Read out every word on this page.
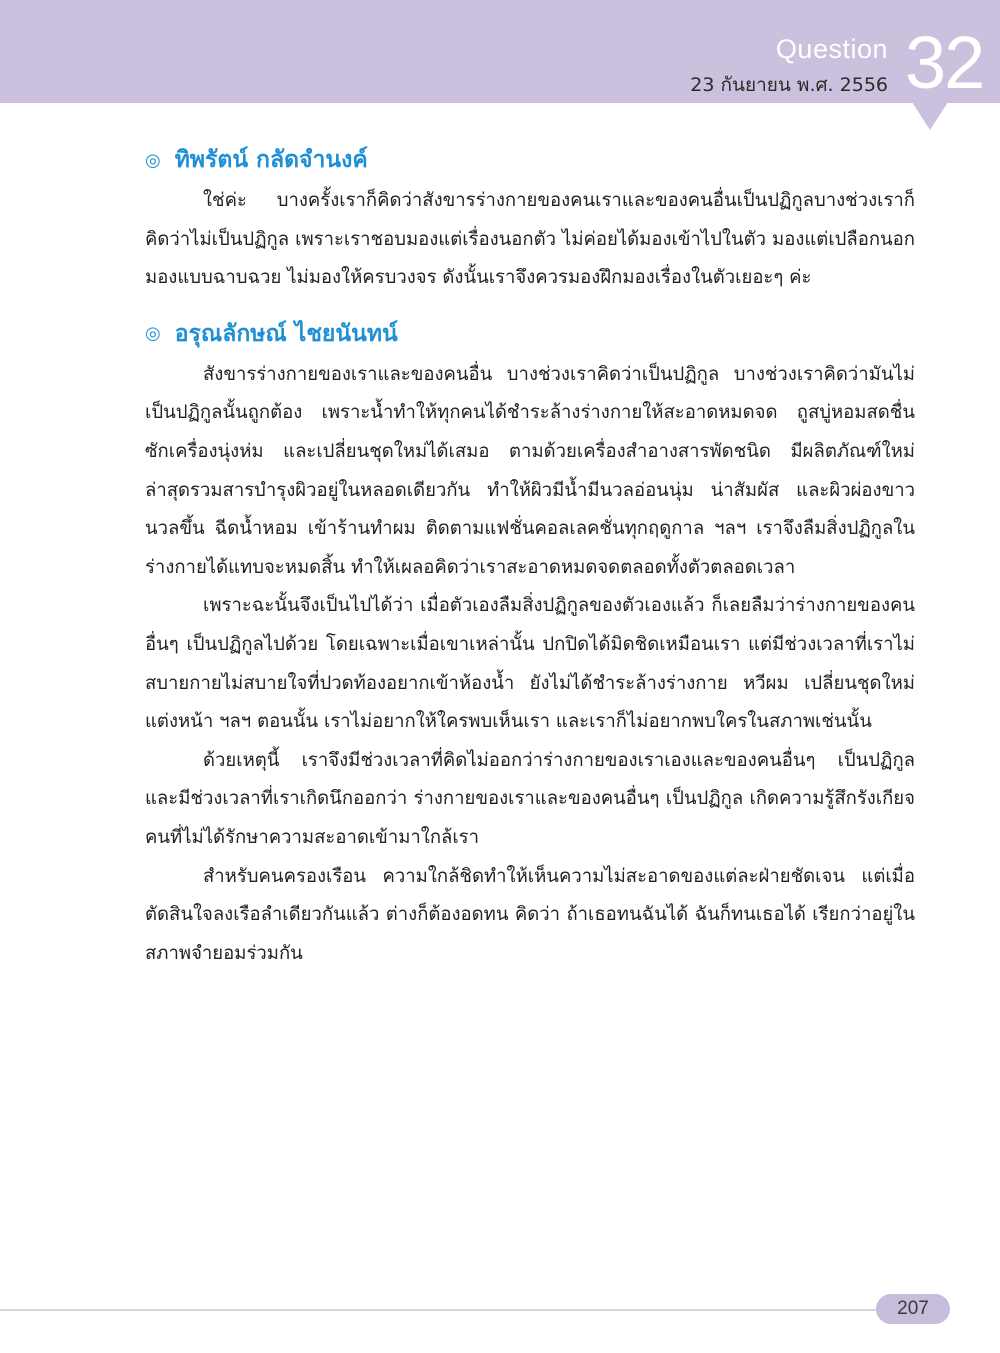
Question 32
23 กันยายน พ.ศ. 2556
◎ ทิพรัตน์ กลัดจำนงค์

ใช่ค่ะ บางครั้งเราก็คิดว่าสังขารร่างกายของคนเราและของคนอื่นเป็นปฏิกูลบางช่วงเราก็คิดว่าไม่เป็นปฏิกูล เพราะเราชอบมองแต่เรื่องนอกตัว ไม่ค่อยได้มองเข้าไปในตัว มองแต่เปลือกนอก มองแบบฉาบฉวย ไม่มองให้ครบวงจร ดังนั้นเราจึงควรมองฝึกมองเรื่องในตัวเยอะๆ ค่ะ

◎ อรุณลักษณ์ ไชยนันทน์

สังขารร่างกายของเราและของคนอื่น บางช่วงเราคิดว่าเป็นปฏิกูล บางช่วงเราคิดว่ามันไม่เป็นปฏิกูลนั้นถูกต้อง เพราะน้ำทำให้ทุกคนได้ชำระล้างร่างกายให้สะอาดหมดจด ถูสบู่หอมสดชื่น ซักเครื่องนุ่งห่ม และเปลี่ยนชุดใหม่ได้เสมอ ตามด้วยเครื่องสำอางสารพัดชนิด มีผลิตภัณฑ์ใหม่ล่าสุดรวมสารบำรุงผิวอยู่ในหลอดเดียวกัน ทำให้ผิวมีน้ำมีนวลอ่อนนุ่ม น่าสัมผัส และผิวผ่องขาวนวลขึ้น ฉีดน้ำหอม เข้าร้านทำผม ติดตามแฟชั่นคอลเลคชั่นทุกฤดูกาล ฯลฯ เราจึงลืมสิ่งปฏิกูลในร่างกายได้แทบจะหมดสิ้น ทำให้เผลอคิดว่าเราสะอาดหมดจดตลอดทั้งตัวตลอดเวลา

เพราะฉะนั้นจึงเป็นไปได้ว่า เมื่อตัวเองลืมสิ่งปฏิกูลของตัวเองแล้ว ก็เลยลืมว่าร่างกายของคนอื่นๆ เป็นปฏิกูลไปด้วย โดยเฉพาะเมื่อเขาเหล่านั้น ปกปิดได้มิดชิดเหมือนเรา แต่มีช่วงเวลาที่เราไม่สบายกายไม่สบายใจที่ปวดท้องอยากเข้าห้องน้ำ ยังไม่ได้ชำระล้างร่างกาย หวีผม เปลี่ยนชุดใหม่ แต่งหน้า ฯลฯ ตอนนั้น เราไม่อยากให้ใครพบเห็นเรา และเราก็ไม่อยากพบใครในสภาพเช่นนั้น

ด้วยเหตุนี้ เราจึงมีช่วงเวลาที่คิดไม่ออกว่าร่างกายของเราเองและของคนอื่นๆ เป็นปฏิกูล และมีช่วงเวลาที่เราเกิดนึกออกว่า ร่างกายของเราและของคนอื่นๆ เป็นปฏิกูล เกิดความรู้สึกรังเกียจคนที่ไม่ได้รักษาความสะอาดเข้ามาใกล้เรา

สำหรับคนครองเรือน ความใกล้ชิดทำให้เห็นความไม่สะอาดของแต่ละฝ่ายชัดเจน แต่เมื่อตัดสินใจลงเรือลำเดียวกันแล้ว ต่างก็ต้องอดทน คิดว่า ถ้าเธอทนฉันได้ ฉันก็ทนเธอได้ เรียกว่าอยู่ในสภาพจำยอมร่วมกัน

207
